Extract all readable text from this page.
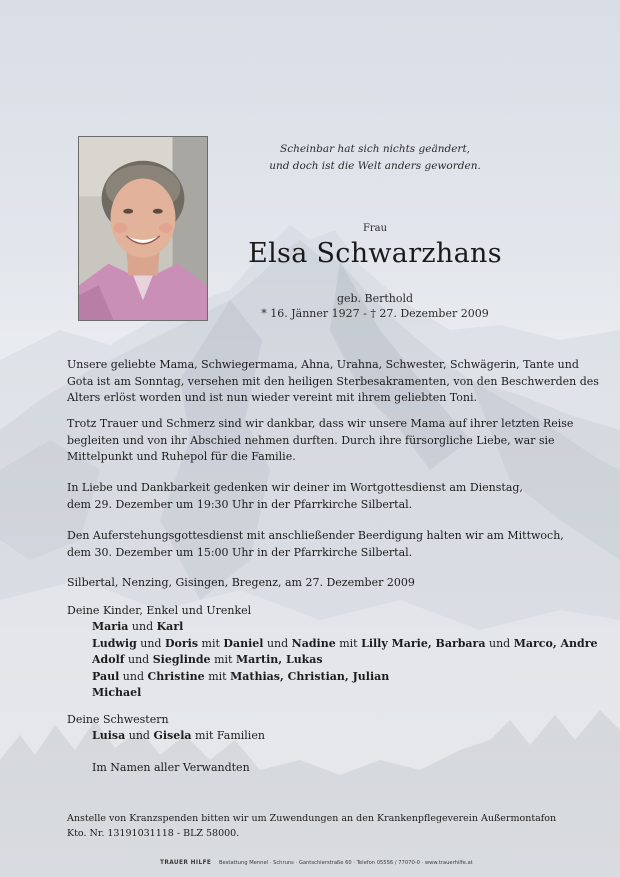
Scheinbar hat sich nichts geändert,
und doch ist die Welt anders geworden.
Frau
Elsa Schwarzhans
geb. Berthold
* 16. Jänner 1927 - † 27. Dezember 2009

Unsere geliebte Mama, Schwiegermama, Ahna, Urahna, Schwester, Schwägerin, Tante und

Gota ist am Sonntag, versehen mit den heiligen Sterbesakramenten, von den Beschwerden des

Alters erlöst worden und ist nun wieder vereint mit ihrem geliebten Toni.

Trotz Trauer und Schmerz sind wir dankbar, dass wir unsere Mama auf ihrer letzten Reise

begleiten und von ihr Abschied nehmen durften. Durch ihre fürsorgliche Liebe, war sie

Mittelpunkt und Ruhepol für die Familie.

In Liebe und Dankbarkeit gedenken wir deiner im Wortgottesdienst am Dienstag,

dem 29. Dezember um 19:30 Uhr in der Pfarrkirche Silbertal.

Den Auferstehungsgottesdienst mit anschließender Beerdigung halten wir am Mittwoch,

dem 30. Dezember um 15:00 Uhr in der Pfarrkirche Silbertal.

Silbertal, Nenzing, Gisingen, Bregenz, am 27. Dezember 2009

Deine Kinder, Enkel und Urenkel
Maria und Karl
Ludwig und Doris mit Daniel und Nadine mit Lilly Marie, Barbara und Marco, Andre
Adolf und Sieglinde mit Martin, Lukas
Paul und Christine mit Mathias, Christian, Julian
Michael
Deine Schwestern
Luisa und Gisela mit Familien
Im Namen aller Verwandten
Anstelle von Kranzspenden bitten wir um Zuwendungen an den Krankenpflegeverein Außermontafon
Kto. Nr. 13191031118 - BLZ 58000.
TRAUER HILFE Bestattung Mennel · Schruns · Gantschierstraße 60 · Telefon 05556 / 77070-0 · www.trauerhilfe.at
